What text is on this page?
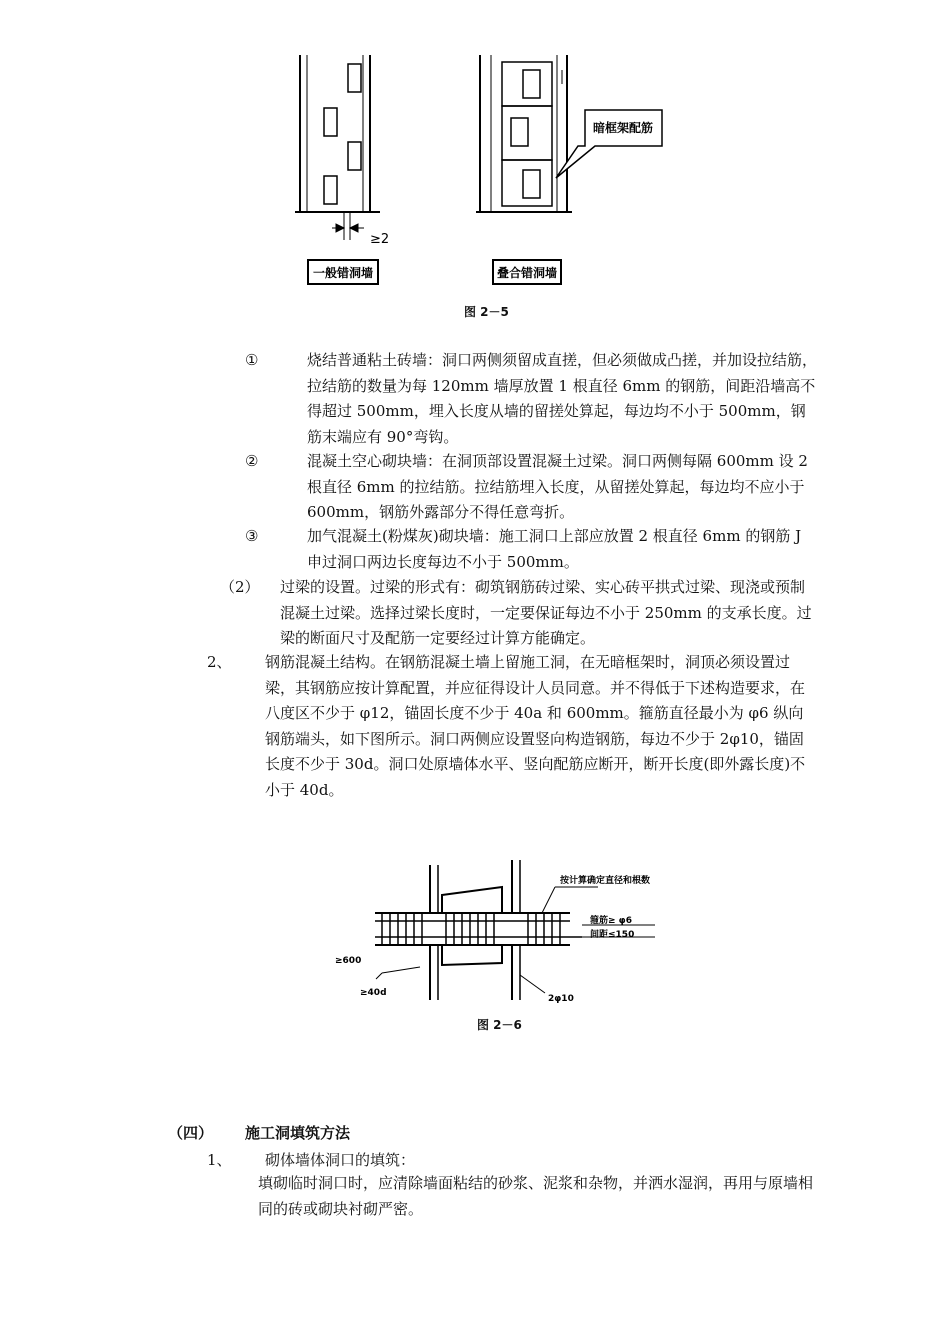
≥2
一般错洞墙
暗框架配筋
叠合错洞墙
图 2－5
①	烧结普通粘土砖墙：洞口两侧须留成直搓，但必须做成凸搓，并加设拉结筋，拉结筋的数量为每 120mm 墙厚放置 1 根直径 6mm 的钢筋，间距沿墙高不得超过 500mm，埋入长度从墙的留搓处算起，每边均不小于 500mm，钢筋末端应有 90°弯钩。

②	混凝土空心砌块墙：在洞顶部设置混凝土过梁。洞口两侧每隔 600mm 设 2 根直径 6mm 的拉结筋。拉结筋埋入长度，从留搓处算起，每边均不应小于 600mm，钢筋外露部分不得任意弯折。

③	加气混凝土(粉煤灰)砌块墙：施工洞口上部应放置 2 根直径 6mm 的钢筋 J 申过洞口两边长度每边不小于 500mm。

（2） 过梁的设置。过梁的形式有：砌筑钢筋砖过梁、实心砖平拱式过梁、现浇或预制混凝土过梁。选择过梁长度时，一定要保证每边不小于 250mm 的支承长度。过梁的断面尺寸及配筋一定要经过计算方能确定。

2、 钢筋混凝土结构。在钢筋混凝土墙上留施工洞，在无暗框架时，洞顶必须设置过梁，其钢筋应按计算配置，并应征得设计人员同意。并不得低于下述构造要求，在八度区不少于 φ12，锚固长度不少于 40a 和 600mm。箍筋直径最小为 φ6 纵向钢筋端头，如下图所示。洞口两侧应设置竖向构造钢筋，每边不少于 2φ10，锚固长度不少于 30d。洞口处原墙体水平、竖向配筋应断开，断开长度(即外露长度)不小于 40d。

按计算确定直径和根数
箍筋≥ φ6
间距≤150
≥600
≥40d
2φ10
图 2－6
（四） 施工洞填筑方法
1、 砌体墙体洞口的填筑：

填砌临时洞口时，应清除墙面粘结的砂浆、泥浆和杂物，并洒水湿润，再用与原墙相同的砖或砌块衬砌严密。
